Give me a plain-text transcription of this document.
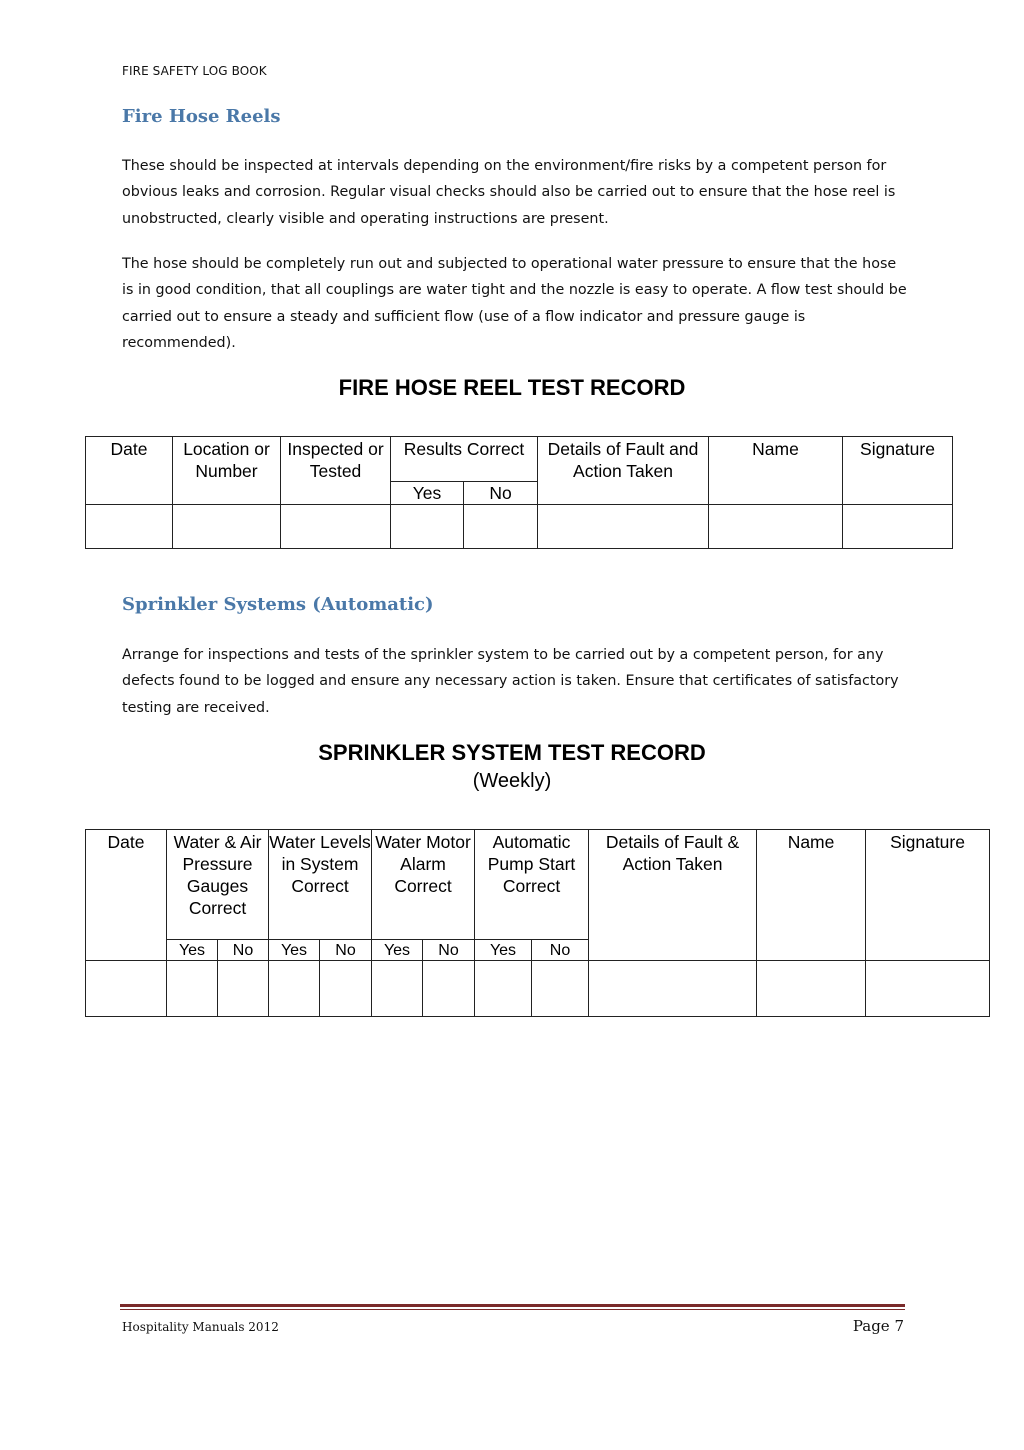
FIRE SAFETY LOG BOOK
Fire Hose Reels

These should be inspected at intervals depending on the environment/fire risks by a competent person for obvious leaks and corrosion. Regular visual checks should also be carried out to ensure that the hose reel is unobstructed, clearly visible and operating instructions are present.

The hose should be completely run out and subjected to operational water pressure to ensure that the hose is in good condition, that all couplings are water tight and the nozzle is easy to operate. A flow test should be carried out to ensure a steady and sufficient flow (use of a flow indicator and pressure gauge is recommended).

FIRE HOSE REEL TEST RECORD
Date	Location or Number	Inspected or Tested	Results Correct		Details of Fault and Action Taken	Name	Signature
			Yes	No			

Sprinkler Systems (Automatic)

Arrange for inspections and tests of the sprinkler system to be carried out by a competent person, for any defects found to be logged and ensure any necessary action is taken. Ensure that certificates of satisfactory testing are received.

SPRINKLER SYSTEM TEST RECORD
(Weekly)
Date	Water & Air Pressure Gauges Correct		Water Levels in System Correct		Water Motor Alarm Correct		Automatic Pump Start Correct		Details of Fault & Action Taken	Name	Signature
	Yes	No	Yes	No	Yes	No	Yes	No			

Hospitality Manuals 2012	Page 7
